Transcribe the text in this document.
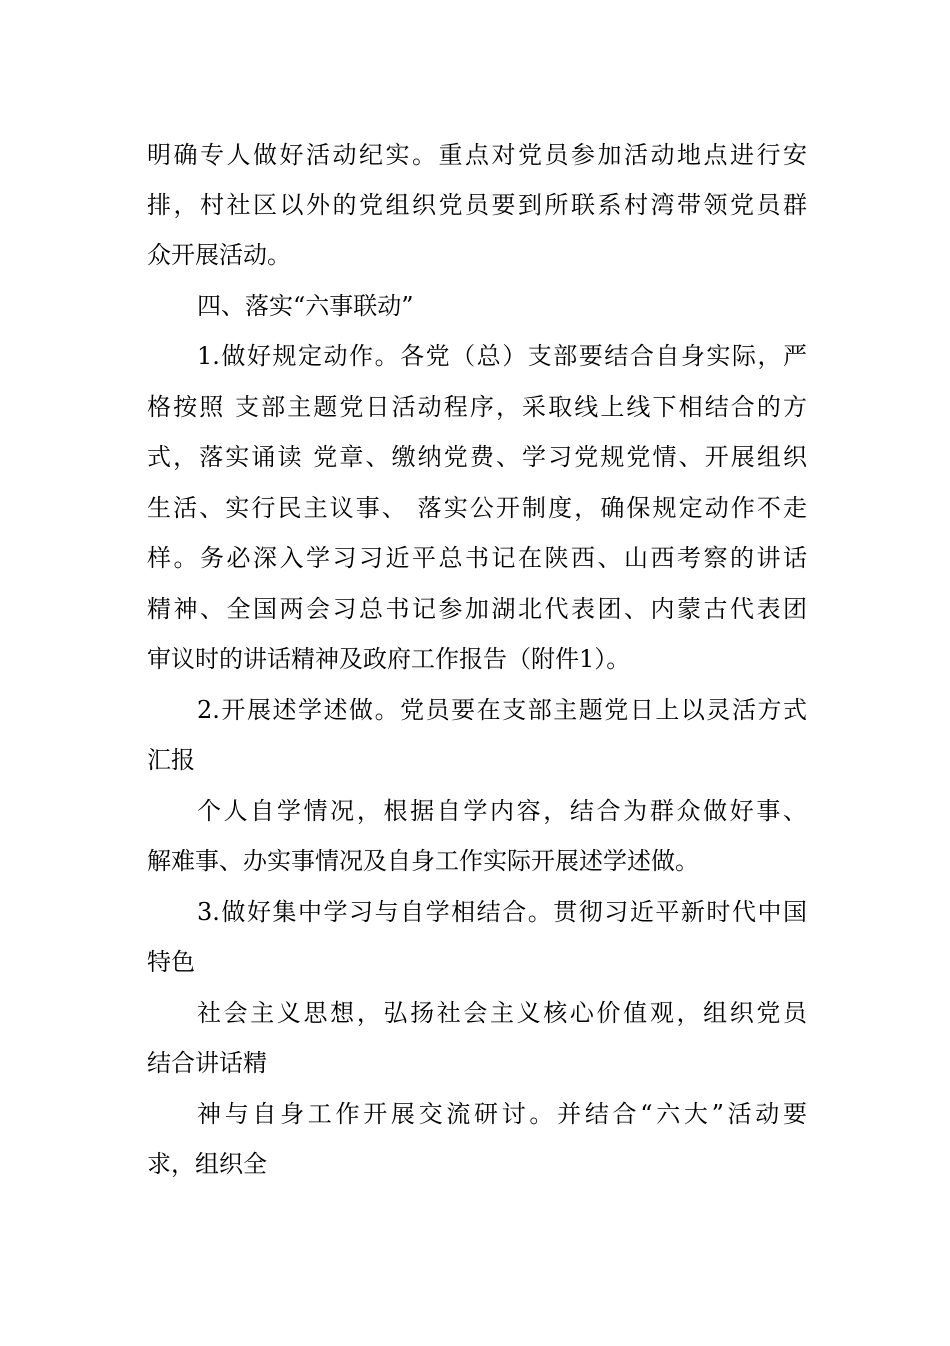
明确专人做好活动纪实。重点对党员参加活动地点进行安
排，村社区以外的党组织党员要到所联系村湾带领党员群
众开展活动。
四、落实“六事联动”
1.做好规定动作。各党（总）支部要结合自身实际，严
格按照 支部主题党日活动程序，采取线上线下相结合的方
式，落实诵读 党章、缴纳党费、学习党规党情、开展组织
生活、实行民主议事、 落实公开制度，确保规定动作不走
样。务必深入学习习近平总书记在陕西、山西考察的讲话
精神、全国两会习总书记参加湖北代表团、内蒙古代表团
审议时的讲话精神及政府工作报告（附件1）。
2.开展述学述做。党员要在支部主题党日上以灵活方式
汇报
个人自学情况，根据自学内容，结合为群众做好事、
解难事、办实事情况及自身工作实际开展述学述做。
3.做好集中学习与自学相结合。贯彻习近平新时代中国
特色
社会主义思想，弘扬社会主义核心价值观，组织党员
结合讲话精
神与自身工作开展交流研讨。并结合“六大”活动要
求，组织全
